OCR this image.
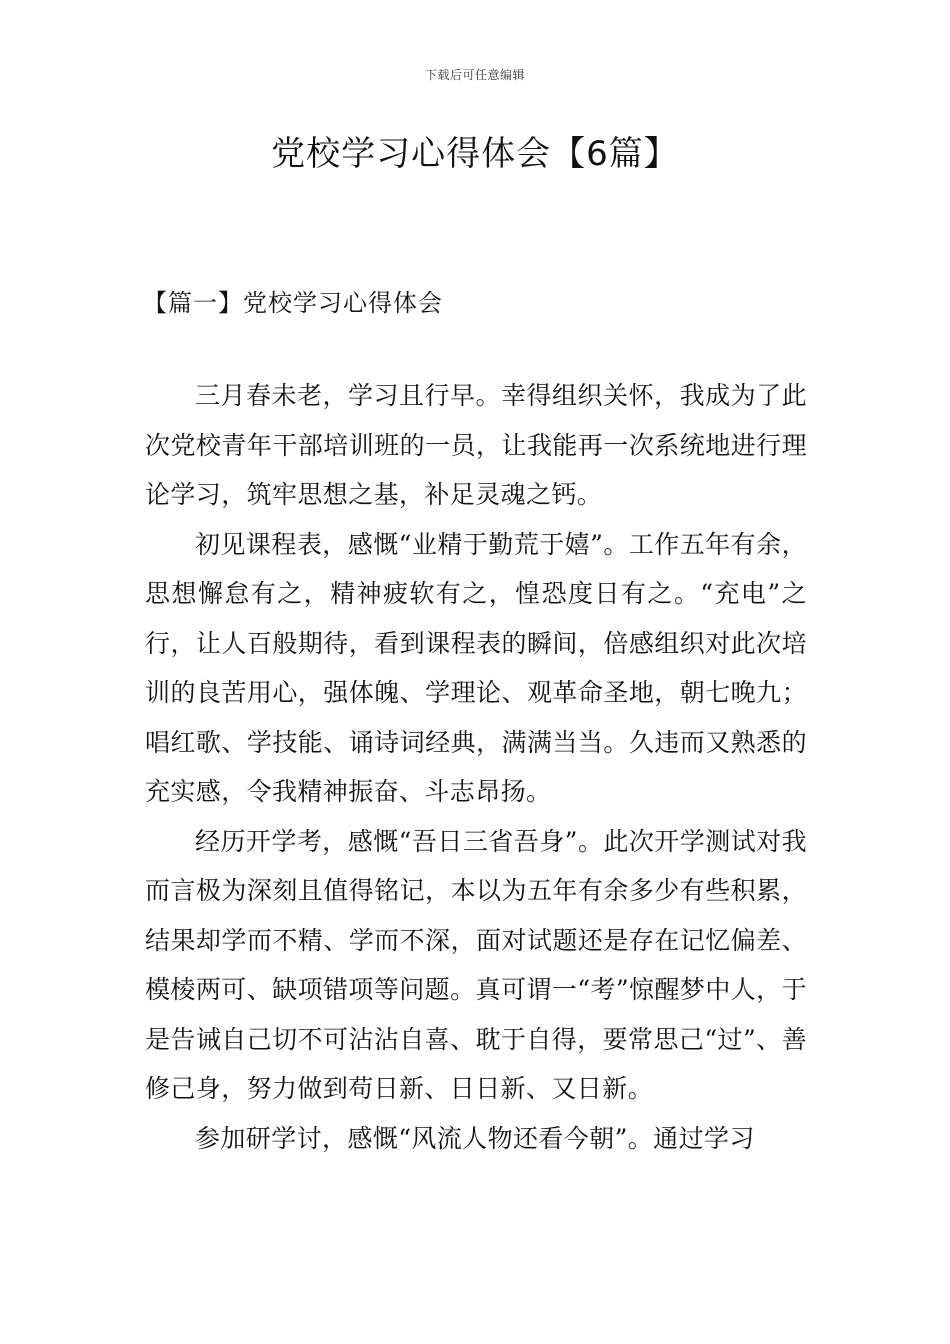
下载后可任意编辑
党校学习心得体会【6篇】
【篇一】党校学习心得体会

三月春未老，学习且行早。幸得组织关怀，我成为了此次党校青年干部培训班的一员，让我能再一次系统地进行理论学习，筑牢思想之基，补足灵魂之钙。

初见课程表，感慨“业精于勤荒于嬉”。工作五年有余，思想懈怠有之，精神疲软有之，惶恐度日有之。“充电”之行，让人百般期待，看到课程表的瞬间，倍感组织对此次培训的良苦用心，强体魄、学理论、观革命圣地，朝七晚九；唱红歌、学技能、诵诗词经典，满满当当。久违而又熟悉的充实感，令我精神振奋、斗志昂扬。

经历开学考，感慨“吾日三省吾身”。此次开学测试对我而言极为深刻且值得铭记，本以为五年有余多少有些积累，结果却学而不精、学而不深，面对试题还是存在记忆偏差、模棱两可、缺项错项等问题。真可谓一“考”惊醒梦中人，于是告诫自己切不可沾沾自喜、耽于自得，要常思己“过”、善修己身，努力做到苟日新、日日新、又日新。

参加研学讨，感慨“风流人物还看今朝”。通过学习
